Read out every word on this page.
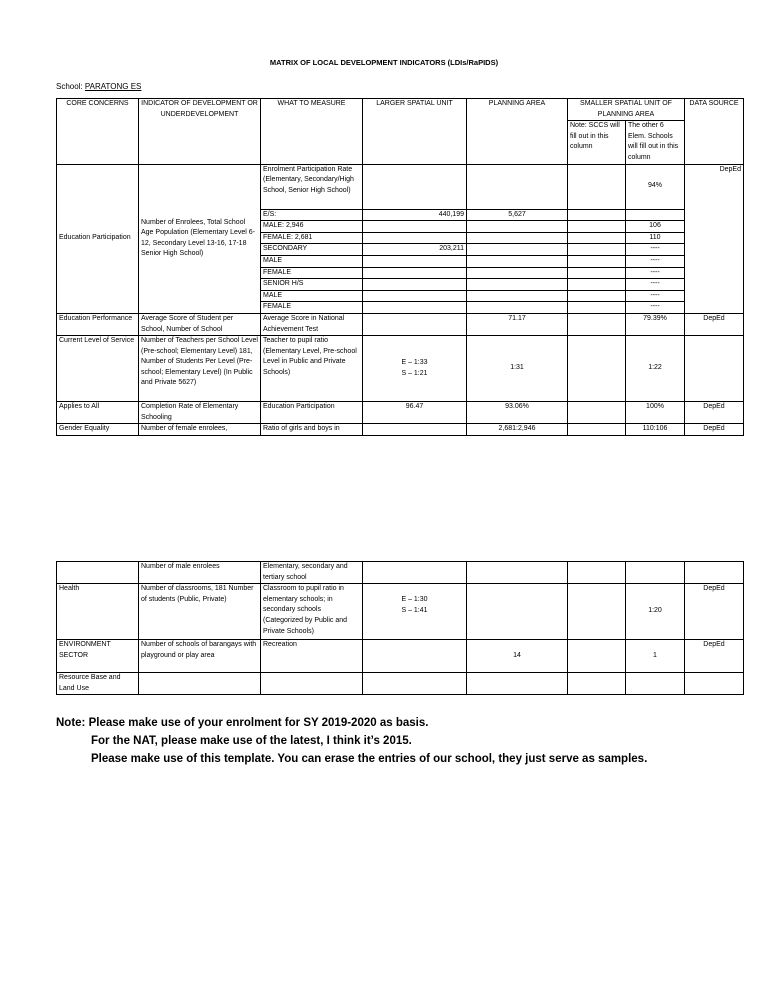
MATRIX OF LOCAL DEVELOPMENT INDICATORS (LDIs/RaPIDS)
School: PARATONG ES
CORE CONCERNS	INDICATOR OF DEVELOPMENT OR UNDERDEVELOPMENT	WHAT TO MEASURE	LARGER SPATIAL UNIT	PLANNING AREA	SMALLER SPATIAL UNIT OF PLANNING AREA		DATA SOURCE
					Note: SCCS will fill out in this column	The other 6 Elem. Schools will fill out in this column	
Education Participation	Number of Enrolees, Total School Age Population (Elementary Level 6-12, Secondary Level 13-16, 17-18 Senior High School)	Enrolment Participation Rate (Elementary, Secondary/High School, Senior High School)				94%	DepEd
		E/S:	440,199	5,627			
		MALE: 2,946				106	
		FEMALE: 2,681				110	
		SECONDARY	203,211			----	
		MALE				----	
		FEMALE				----	
		SENIOR H/S				----	
		MALE				----	
		FEMALE				----	
Education Performance	Average Score of Student per School, Number of School	Average Score in National Achievement Test		71.17		79.39%	DepEd
Current Level of Service	Number of Teachers per School Level (Pre-school; Elementary Level) 181, Number of Students Per Level (Pre-school; Elementary Level) (In Public and Private 5627)	Teacher to pupil ratio (Elementary Level, Pre-school Level in Public and Private Schools)	E – 1:33
S – 1:21	1:31		1:22	
Applies to All	Completion Rate of Elementary Schooling	Education Participation	96.47	93.06%		100%	DepEd
Gender Equality	Number of female enrolees,	Ratio of girls and boys in		2,681:2,946		110:106	DepEd
	Number of male enrolees	Elementary, secondary and tertiary school					
Health	Number of classrooms, 181 Number of students (Public, Private)	Classroom to pupil ratio in elementary schools; in secondary schools (Categorized by Public and Private Schools)	E – 1:30
S – 1:41			1:20	DepEd
ENVIRONMENT SECTOR	Number of schools of barangays with playground or play area	Recreation		14		1	DepEd
Resource Base and Land Use							
Note: Please make use of your enrolment for SY 2019-2020 as basis.
For the NAT, please make use of the latest, I think it’s 2015.
Please make use of this template. You can erase the entries of our school, they just serve as samples.
